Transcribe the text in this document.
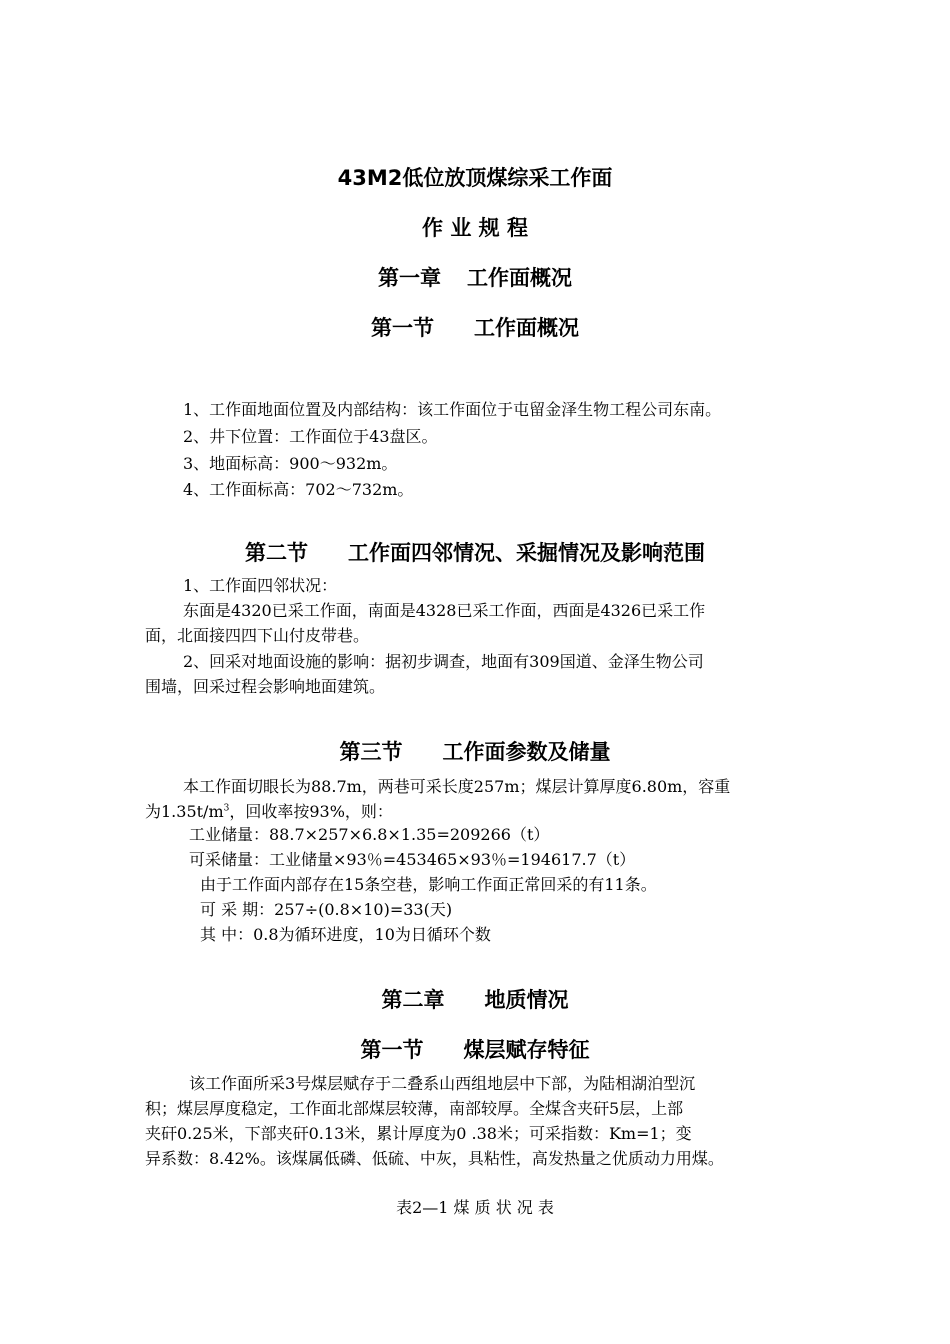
43M2低位放顶煤综采工作面
作 业 规 程
第一章 工作面概况
第一节 工作面概况
1、工作面地面位置及内部结构：该工作面位于屯留金泽生物工程公司东南。
2、井下位置：工作面位于43盘区。
3、地面标高：900～932m。
4、工作面标高：702～732m。
第二节 工作面四邻情况、采掘情况及影响范围
1、工作面四邻状况：
东面是4320已采工作面，南面是4328已采工作面，西面是4326已采工作
面，北面接四四下山付皮带巷。
2、回采对地面设施的影响：据初步调查，地面有309国道、金泽生物公司
围墙，回采过程会影响地面建筑。
第三节 工作面参数及储量
本工作面切眼长为88.7m，两巷可采长度257m；煤层计算厚度6.80m，容重
为$1.35t/m^3$，回收率按93%，则：
工业储量：88.7×257×6.8×1.35=209266（t）
可采储量：工业储量×93％=453465×93％=194617.7（t）
由于工作面内部存在15条空巷，影响工作面正常回采的有11条。
可 采 期：257÷(0.8×10)=33(天)
其 中：0.8为循环进度，10为日循环个数
第二章 地质情况
第一节 煤层赋存特征
该工作面所采3号煤层赋存于二叠系山西组地层中下部，为陆相湖泊型沉
积；煤层厚度稳定，工作面北部煤层较薄，南部较厚。全煤含夹矸5层，上部
夹矸0.25米，下部夹矸0.13米，累计厚度为0 .38米；可采指数：Km=1；变
异系数：8.42%。该煤属低磷、低硫、中灰，具粘性，高发热量之优质动力用煤。
表2—1 煤 质 状 况 表
